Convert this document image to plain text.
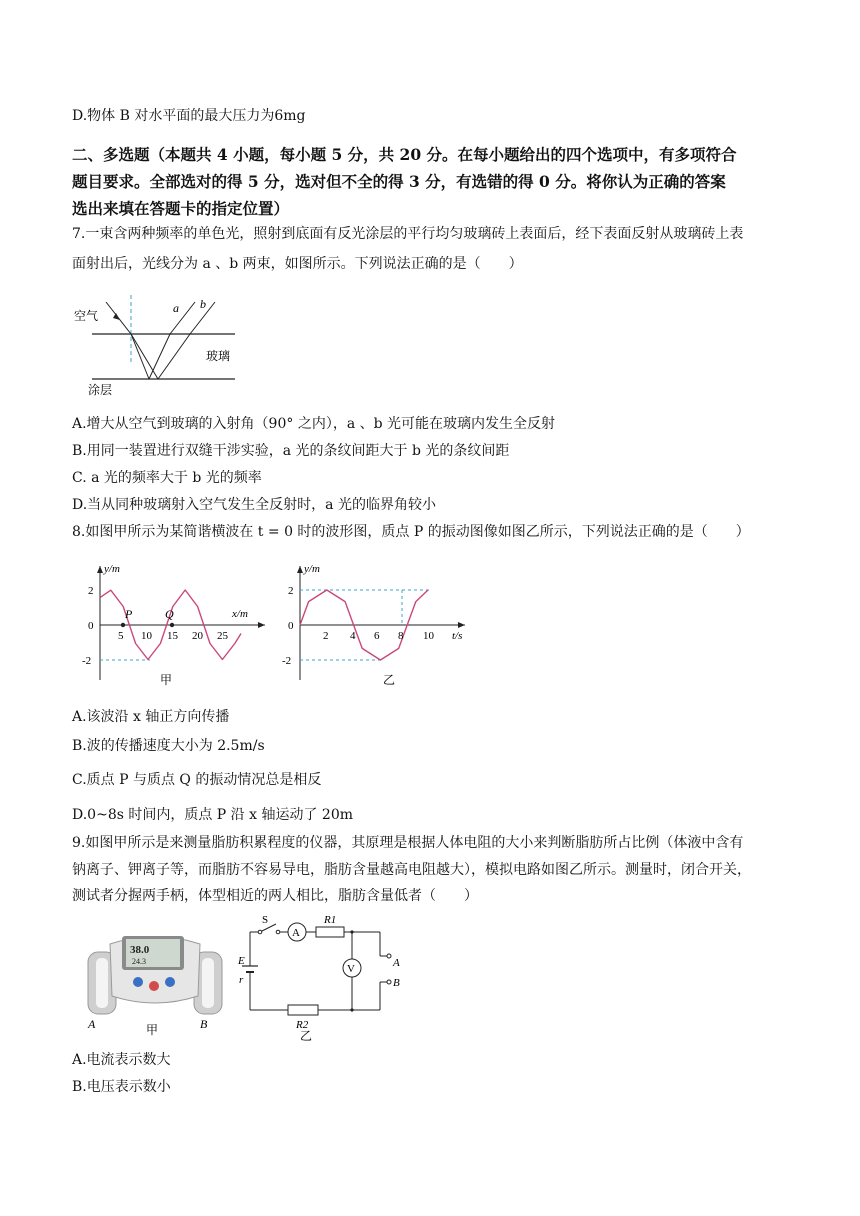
D.物体 B 对水平面的最大压力为6mg
二、多选题（本题共 4 小题，每小题 5 分，共 20 分。在每小题给出的四个选项中，有多项符合
题目要求。全部选对的得 5 分，选对但不全的得 3 分，有选错的得 0 分。将你认为正确的答案
选出来填在答题卡的指定位置）
7.一束含两种频率的单色光，照射到底面有反光涂层的平行均匀玻璃砖上表面后，经下表面反射从玻璃砖上表
面射出后，光线分为 a 、b 两束，如图所示。下列说法正确的是（　　）
空气
玻璃
涂层
a b
A.增大从空气到玻璃的入射角（90° 之内），a 、b 光可能在玻璃内发生全反射
B.用同一装置进行双缝干涉实验，a 光的条纹间距大于 b 光的条纹间距
C. a 光的频率大于 b 光的频率
D.当从同种玻璃射入空气发生全反射时，a 光的临界角较小
8.如图甲所示为某简谐横波在 t = 0 时的波形图，质点 P 的振动图像如图乙所示，下列说法正确的是（　　）
y/m
x/m
2
0
-2
5 10 15 20 25
P	Q
甲
y/m
t/s
2
0
-2
2 4 6 8 10
乙
A.该波沿 x 轴正方向传播
B.波的传播速度大小为 2.5m/s
C.质点 P 与质点 Q 的振动情况总是相反
D.0~8s 时间内，质点 P 沿 x 轴运动了 20m
9.如图甲所示是来测量脂肪积累程度的仪器，其原理是根据人体电阻的大小来判断脂肪所占比例（体液中含有
钠离子、钾离子等，而脂肪不容易导电，脂肪含量越高电阻越大），模拟电路如图乙所示。测量时，闭合开关，
测试者分握两手柄，体型相近的两人相比，脂肪含量低者（　　）
38.0
24.3
A	B
甲
A
V
S	R1
R2
E
r
A
B
乙
A.电流表示数大
B.电压表示数小
